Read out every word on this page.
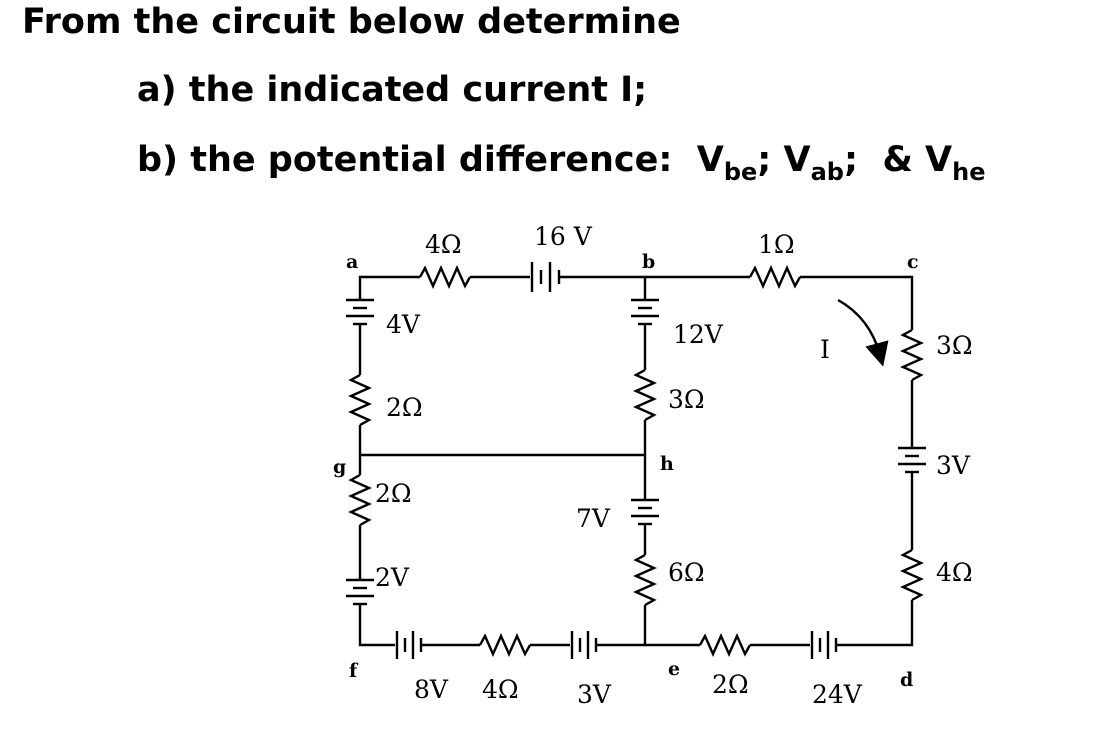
From the circuit below determine
a) the indicated current I;
b) the potential difference: $V_{be}$; $V_{ab}$; & $V_{he}$
a	b	c
g	h
f	e	d
4Ω	16 V	1Ω
4V
2Ω
2Ω
2V
12V
3Ω
7V
6Ω
I	3Ω
3V
4Ω
8V 4Ω 3V	2Ω	24V
